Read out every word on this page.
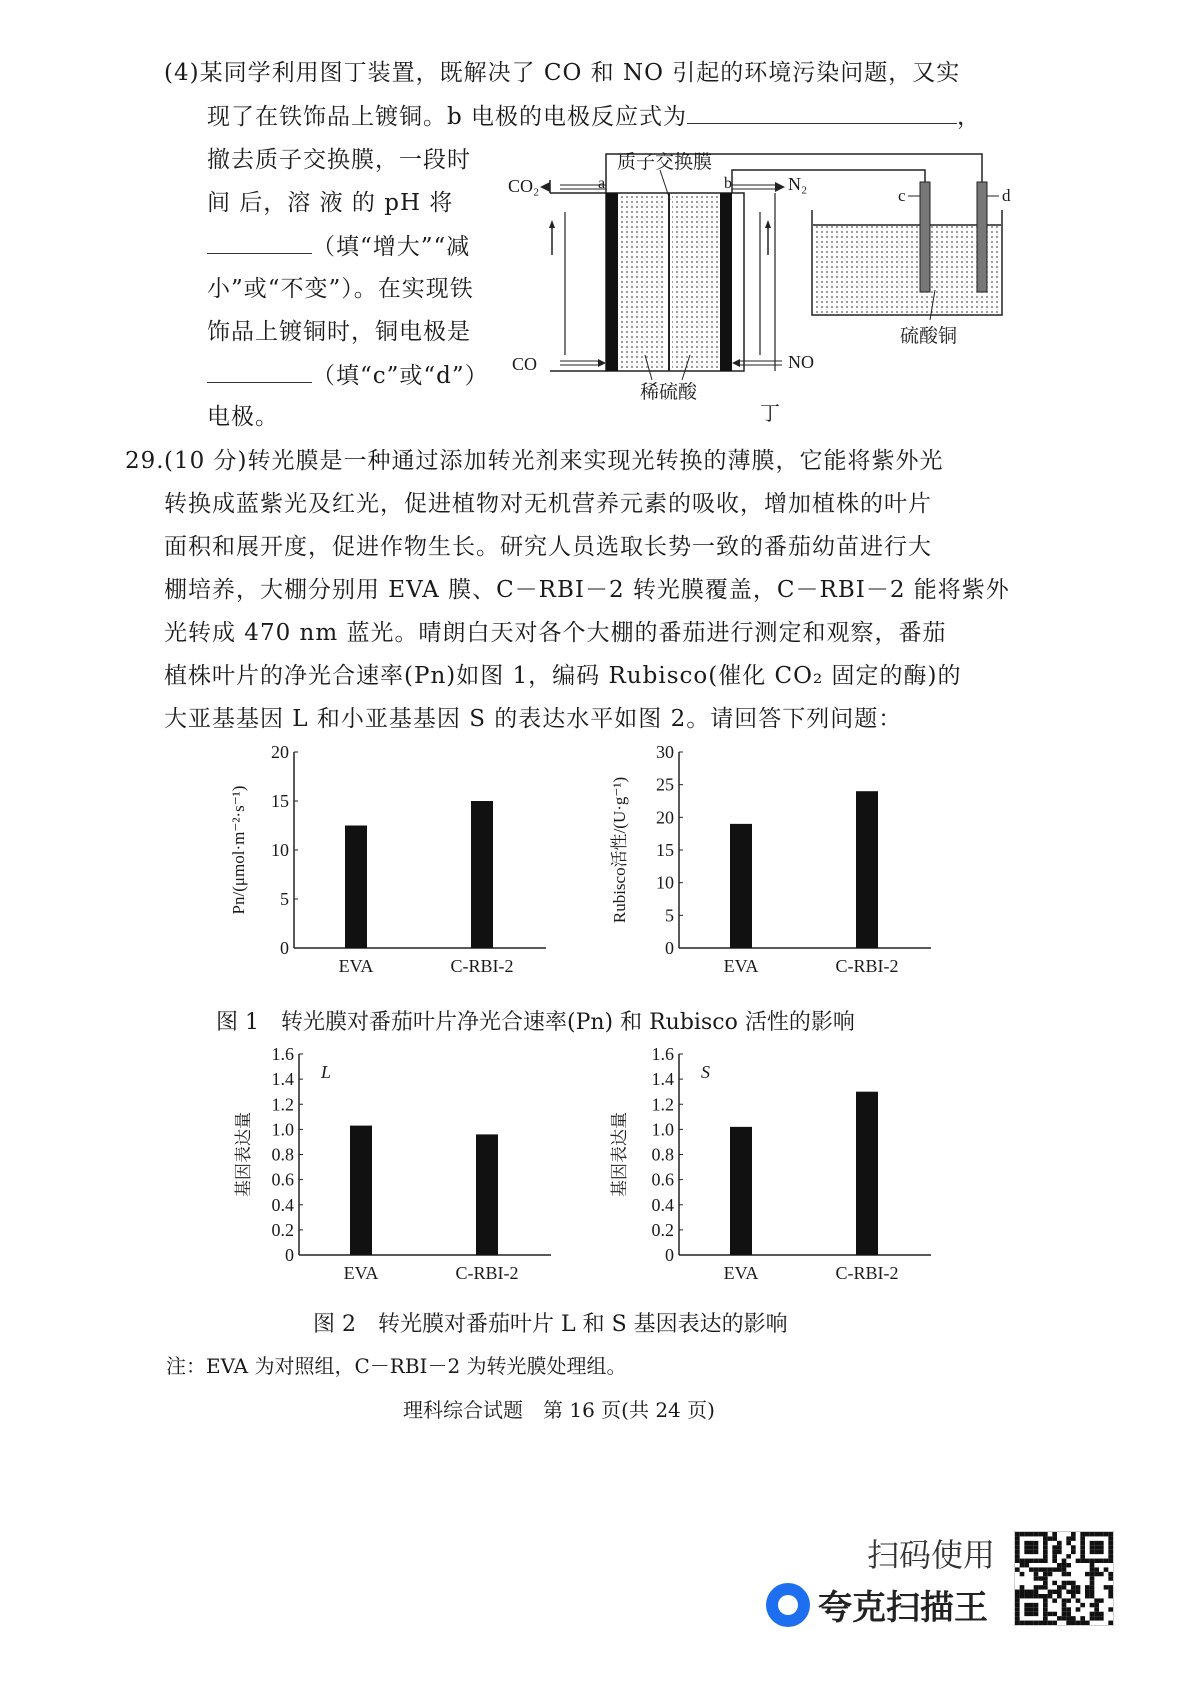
(4)某同学利用图丁装置，既解决了 CO 和 NO 引起的环境污染问题，又实
现了在铁饰品上镀铜。b 电极的电极反应式为	，
撤去质子交换膜，一段时
间 后，溶 液 的 pH 将
（填“增大”“减
小”或“不变”）。在实现铁
饰品上镀铜时，铜电极是
（填“c”或“d”）
电极。
质子交换膜
a	b
CO₂	N₂
CO	NO
稀硫酸
c	d
硫酸铜
丁
29. (10 分)转光膜是一种通过添加转光剂来实现光转换的薄膜，它能将紫外光
转换成蓝紫光及红光，促进植物对无机营养元素的吸收，增加植株的叶片
面积和展开度，促进作物生长。研究人员选取长势一致的番茄幼苗进行大
棚培养，大棚分别用 EVA 膜、C－RBI－2 转光膜覆盖，C－RBI－2 能将紫外
光转成 470 nm 蓝光。晴朗白天对各个大棚的番茄进行测定和观察，番茄
植株叶片的净光合速率(Pn)如图 1，编码 Rubisco(催化 CO₂ 固定的酶)的
大亚基基因 L 和小亚基基因 S 的表达水平如图 2。请回答下列问题：
0
5
10
15
20
EVA	C-RBI-2
Pn/(μmol·m⁻²·s⁻¹)
0
5
10
15
20
25
30
EVA	C-RBI-2
Rubisco活性/(U·g⁻¹)
图 1　转光膜对番茄叶片净光合速率(Pn) 和 Rubisco 活性的影响
0
0.2
0.4
0.6
0.8
1.0
1.2
1.4
1.6
EVA	C-RBI-2
基因表达量
L
0
0.2
0.4
0.6
0.8
1.0
1.2
1.4
1.6
EVA	C-RBI-2
基因表达量
S
图 2　转光膜对番茄叶片 L 和 S 基因表达的影响
注：EVA 为对照组，C－RBI－2 为转光膜处理组。
理科综合试题　第 16 页(共 24 页)
扫码使用
夸克扫描王
